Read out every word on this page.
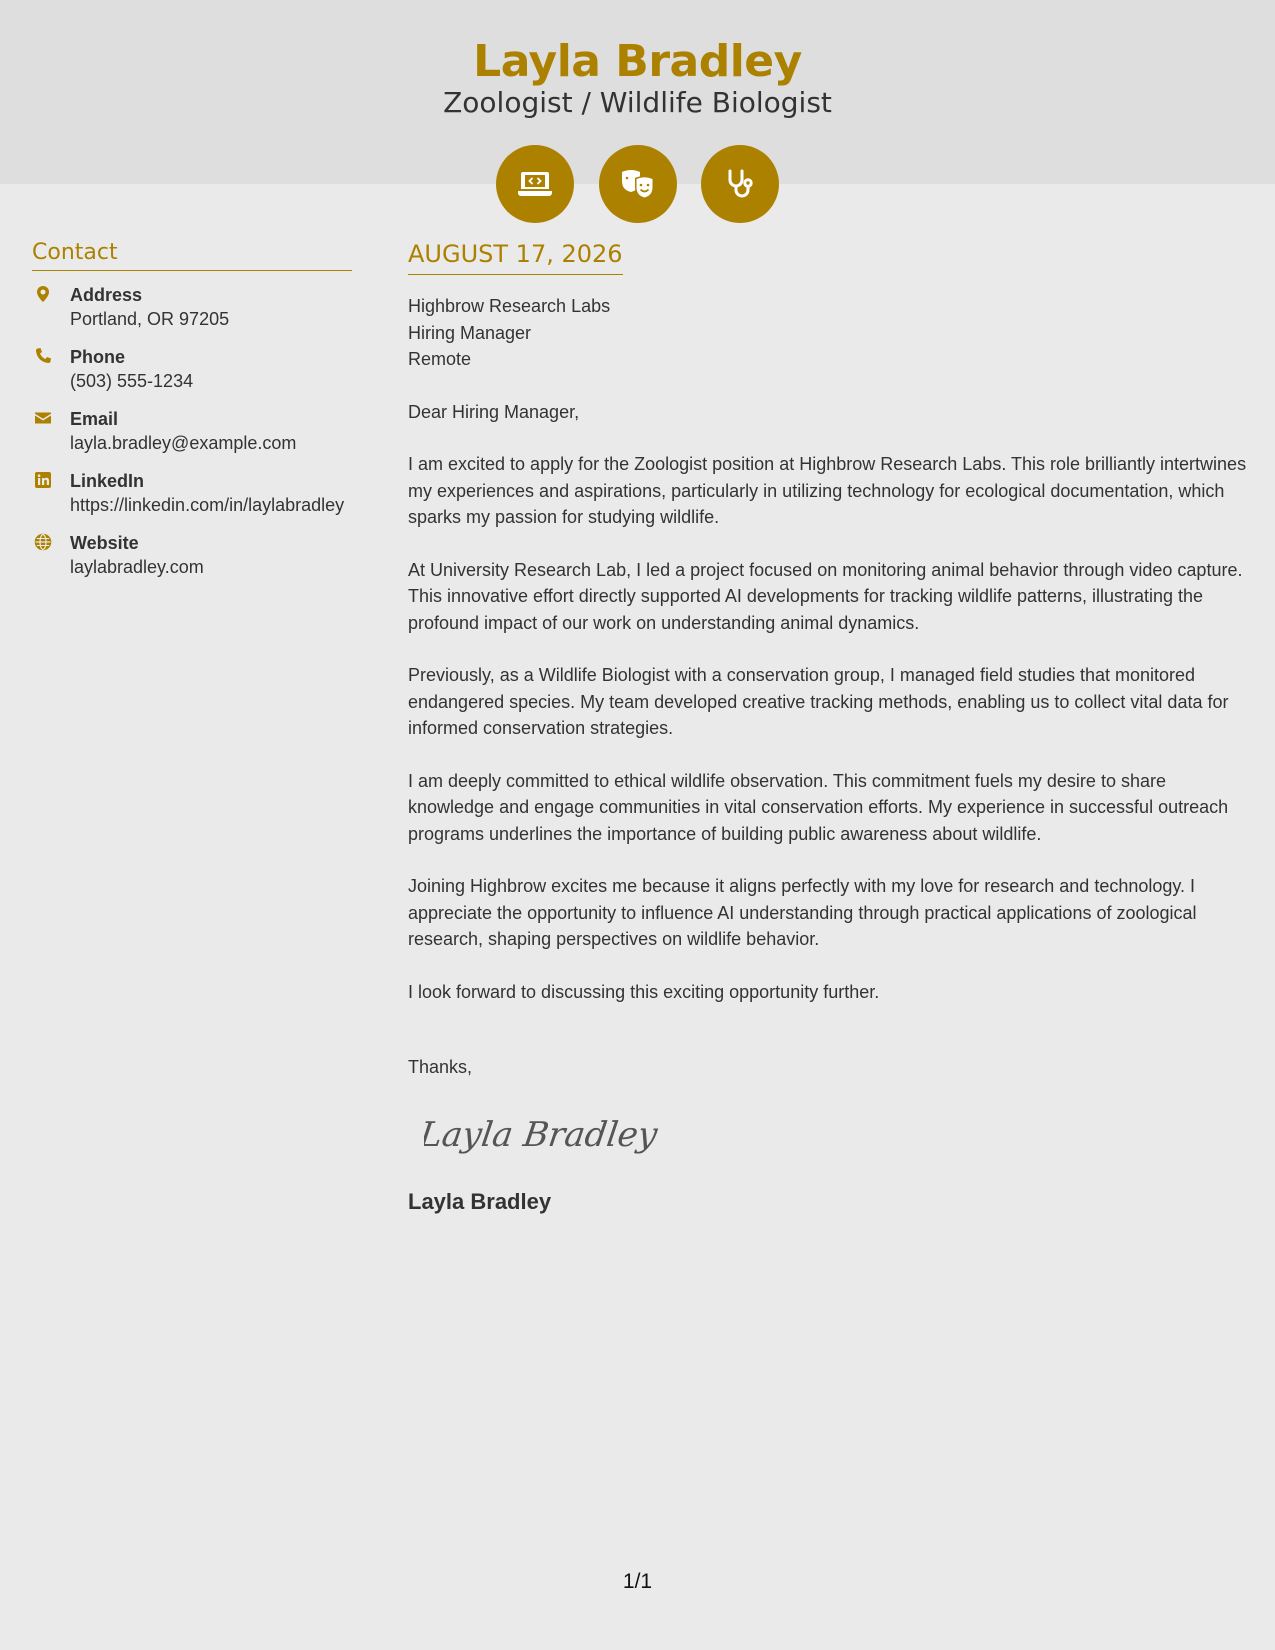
Layla Bradley
Zoologist / Wildlife Biologist
Contact
Address
Portland, OR 97205
Phone
(503) 555-1234
Email
layla.bradley@example.com
LinkedIn
https://linkedin.com/in/laylabradley
Website
laylabradley.com
AUGUST 17, 2026
Highbrow Research Labs
Hiring Manager
Remote
Dear Hiring Manager,
I am excited to apply for the Zoologist position at Highbrow Research Labs. This role brilliantly intertwines my experiences and aspirations, particularly in utilizing technology for ecological documentation, which sparks my passion for studying wildlife.
At University Research Lab, I led a project focused on monitoring animal behavior through video capture. This innovative effort directly supported AI developments for tracking wildlife patterns, illustrating the profound impact of our work on understanding animal dynamics.
Previously, as a Wildlife Biologist with a conservation group, I managed field studies that monitored endangered species. My team developed creative tracking methods, enabling us to collect vital data for informed conservation strategies.
I am deeply committed to ethical wildlife observation. This commitment fuels my desire to share knowledge and engage communities in vital conservation efforts. My experience in successful outreach programs underlines the importance of building public awareness about wildlife.
Joining Highbrow excites me because it aligns perfectly with my love for research and technology. I appreciate the opportunity to influence AI understanding through practical applications of zoological research, shaping perspectives on wildlife behavior.
I look forward to discussing this exciting opportunity further.
Thanks,
Layla Bradley
Layla Bradley
1/1
